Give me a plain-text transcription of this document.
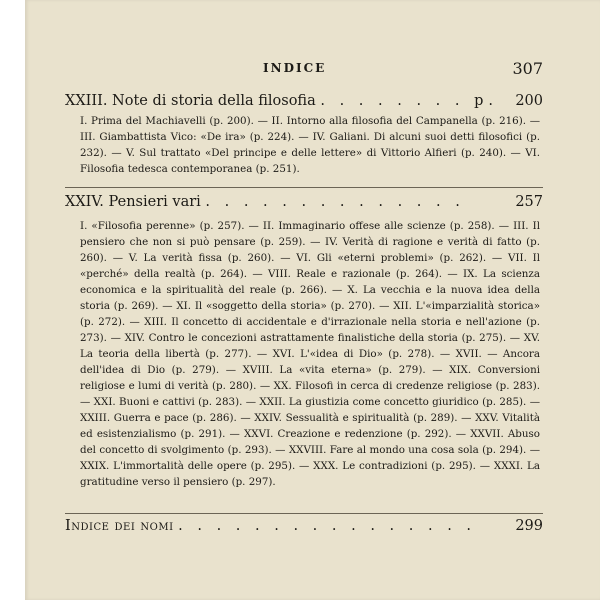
INDICE	307
XXIII. Note di storia della filosofia . . . . . . . . p. 200
I. Prima del Machiavelli (p. 200). — II. Intorno alla filosofia del Campanella (p. 216). — III. Giambattista Vico: «De ira» (p. 224). — IV. Galiani. Di alcuni suoi detti filosofici (p. 232). — V. Sul trattato «Del principe e delle lettere» di Vittorio Alfieri (p. 240). — VI. Filosofia tedesca contemporanea (p. 251).
XXIV. Pensieri vari . . . . . . . . . . . . . .	257
I. «Filosofia perenne» (p. 257). — II. Immaginario offese alle scienze (p. 258). — III. Il pensiero che non si può pensare (p. 259). — IV. Verità di ragione e verità di fatto (p. 260). — V. La verità fissa (p. 260). — VI. Gli «eterni problemi» (p. 262). — VII. Il «perché» della realtà (p. 264). — VIII. Reale e razionale (p. 264). — IX. La scienza economica e la spiritualità del reale (p. 266). — X. La vecchia e la nuova idea della storia (p. 269). — XI. Il «soggetto della storia» (p. 270). — XII. L'«imparzialità storica» (p. 272). — XIII. Il concetto di accidentale e d'irrazionale nella storia e nell'azione (p. 273). — XIV. Contro le concezioni astrattamente finalistiche della storia (p. 275). — XV. La teoria della libertà (p. 277). — XVI. L'«idea di Dio» (p. 278). — XVII. — Ancora dell'idea di Dio (p. 279). — XVIII. La «vita eterna» (p. 279). — XIX. Conversioni religiose e lumi di verità (p. 280). — XX. Filosofi in cerca di credenze religiose (p. 283). — XXI. Buoni e cattivi (p. 283). — XXII. La giustizia come concetto giuridico (p. 285). — XXIII. Guerra e pace (p. 286). — XXIV. Sessualità e spiritualità (p. 289). — XXV. Vitalità ed esistenzialismo (p. 291). — XXVI. Creazione e redenzione (p. 292). — XXVII. Abuso del concetto di svolgimento (p. 293). — XXVIII. Fare al mondo una cosa sola (p. 294). — XXIX. L'immortalità delle opere (p. 295). — XXX. Le contradizioni (p. 295). — XXXI. La gratitudine verso il pensiero (p. 297).
Indice dei nomi . . . . . . . . . . . . . . . .	299
